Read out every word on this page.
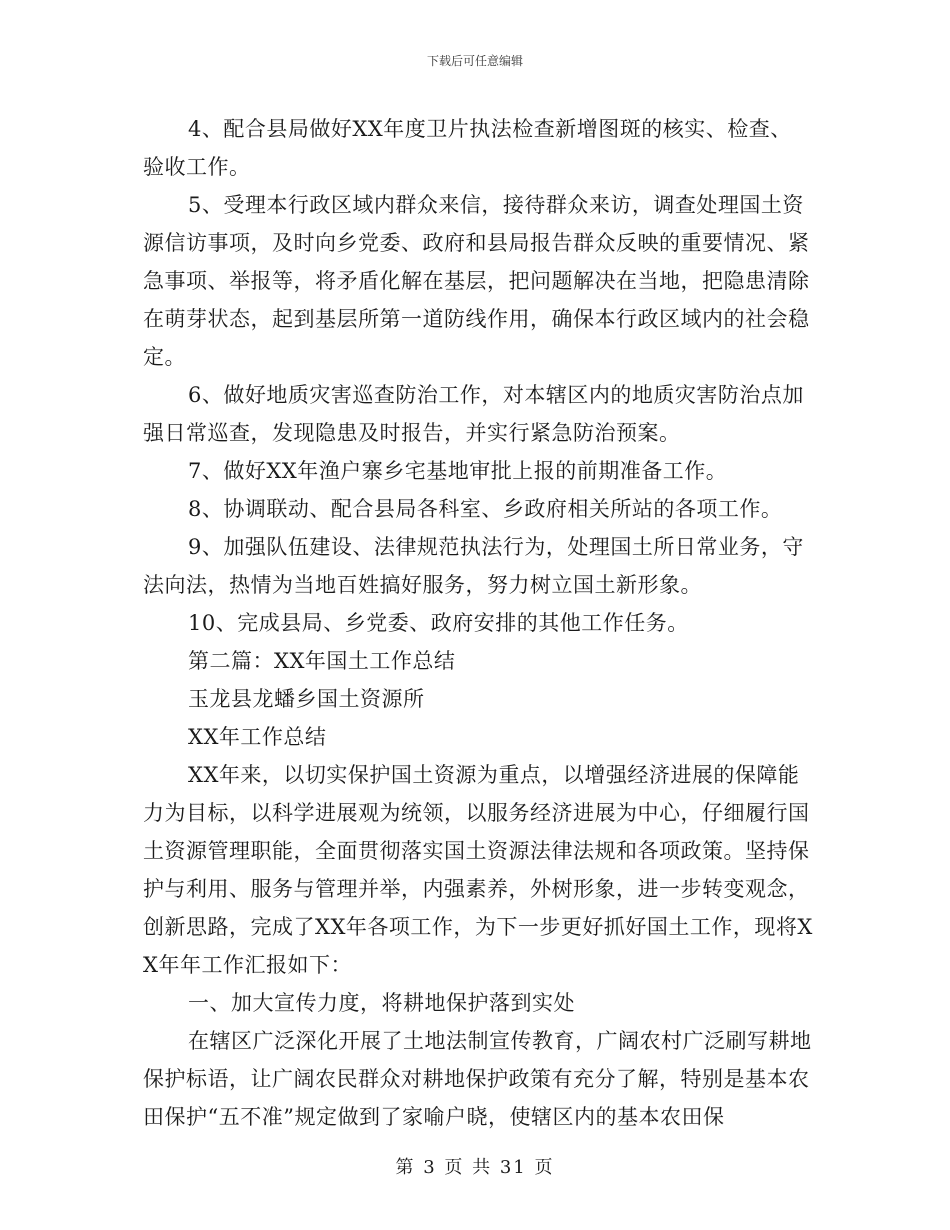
下载后可任意编辑

4、配合县局做好XX年度卫片执法检查新增图斑的核实、检查、验收工作。

5、受理本行政区域内群众来信，接待群众来访，调查处理国土资源信访事项，及时向乡党委、政府和县局报告群众反映的重要情况、紧急事项、举报等，将矛盾化解在基层，把问题解决在当地，把隐患清除在萌芽状态，起到基层所第一道防线作用，确保本行政区域内的社会稳定。

6、做好地质灾害巡查防治工作，对本辖区内的地质灾害防治点加强日常巡查，发现隐患及时报告，并实行紧急防治预案。

7、做好XX年渔户寨乡宅基地审批上报的前期准备工作。

8、协调联动、配合县局各科室、乡政府相关所站的各项工作。

9、加强队伍建设、法律规范执法行为，处理国土所日常业务，守法向法，热情为当地百姓搞好服务，努力树立国土新形象。

10、完成县局、乡党委、政府安排的其他工作任务。

第二篇：XX年国土工作总结

玉龙县龙蟠乡国土资源所

XX年工作总结

XX年来，以切实保护国土资源为重点，以增强经济进展的保障能力为目标，以科学进展观为统领，以服务经济进展为中心，仔细履行国土资源管理职能，全面贯彻落实国土资源法律法规和各项政策。坚持保护与利用、服务与管理并举，内强素养，外树形象，进一步转变观念，创新思路，完成了XX年各项工作，为下一步更好抓好国土工作，现将XX年年工作汇报如下：

一、加大宣传力度，将耕地保护落到实处

在辖区广泛深化开展了土地法制宣传教育，广阔农村广泛刷写耕地保护标语，让广阔农民群众对耕地保护政策有充分了解，特别是基本农田保护“五不准”规定做到了家喻户晓，使辖区内的基本农田保

第 3 页 共 31 页
